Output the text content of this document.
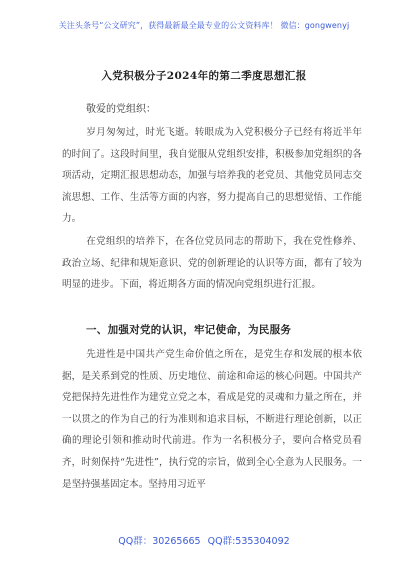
关注头条号“公文研究”，获得最新最全最专业的公文资料库！ 微信：gongwenyj
入党积极分子2024年的第二季度思想汇报
敬爱的党组织：

岁月匆匆过，时光飞逝。转眼成为入党积极分子已经有将近半年的时间了。这段时间里，我自觉服从党组织安排，积极参加党组织的各项活动，定期汇报思想动态，加强与培养我的老党员、其他党员同志交流思想、工作、生活等方面的内容，努力提高自己的思想觉悟、工作能力。

在党组织的培养下，在各位党员同志的帮助下，我在党性修养、政治立场、纪律和规矩意识、党的创新理论的认识等方面，都有了较为明显的进步。下面，将近期各方面的情况向党组织进行汇报。

一、加强对党的认识，牢记使命，为民服务

先进性是中国共产党生命价值之所在，是党生存和发展的根本依据，是关系到党的性质、历史地位、前途和命运的核心问题。中国共产党把保持先进性作为建党立党之本，看成是党的灵魂和力量之所在，并一以贯之的作为自己的行为准则和追求目标，不断进行理论创新，以正确的理论引领和推动时代前进。作为一名积极分子，要向合格党员看齐，时刻保持“先进性”，执行党的宗旨，做到全心全意为人民服务。一是坚持强基固定本。坚持用习近平

QQ群：30265665 QQ群:535304092
